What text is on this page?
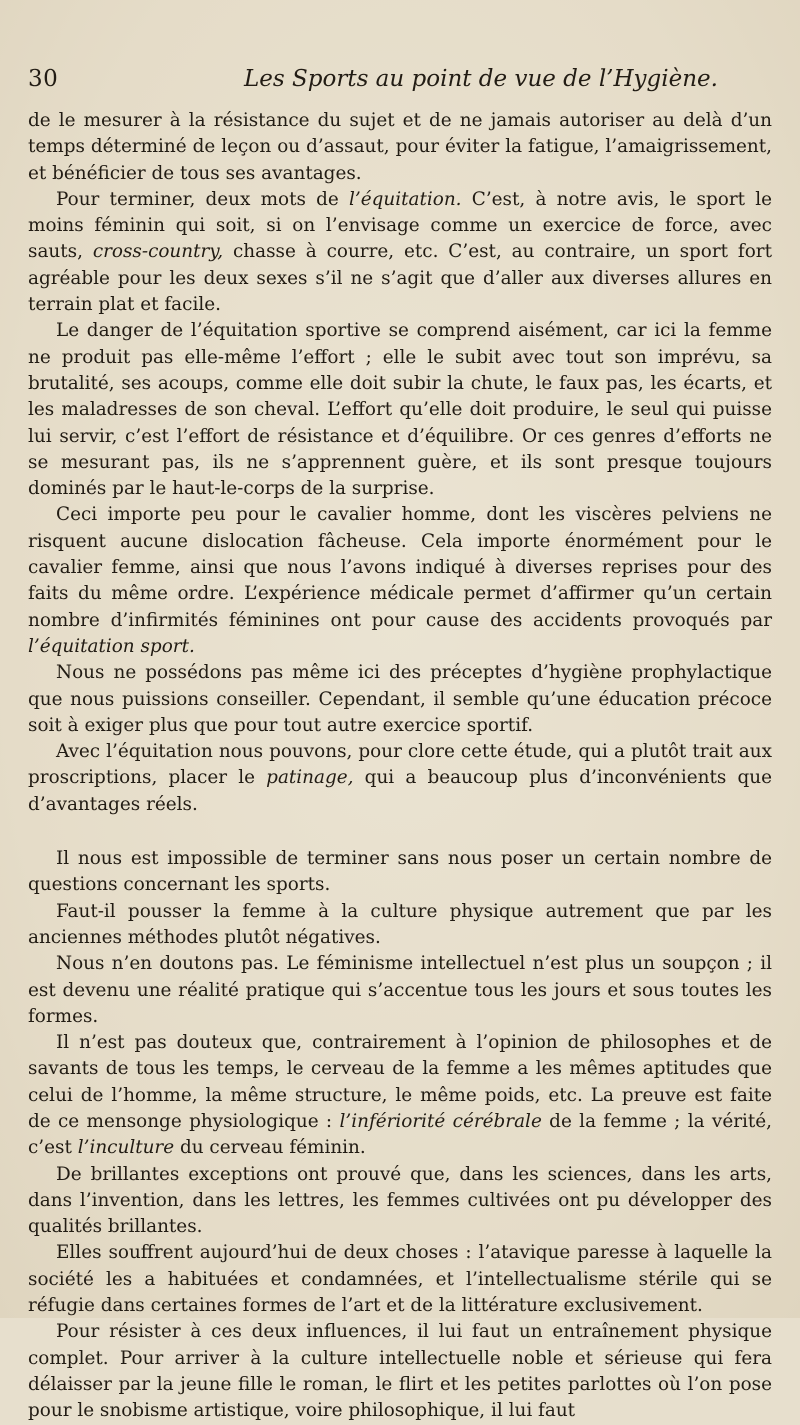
30	Les Sports au point de vue de l’Hygiène.

de le mesurer à la résistance du sujet et de ne jamais autoriser au delà d’un temps déterminé de leçon ou d’assaut, pour éviter la fatigue, l’amaigrissement, et bénéficier de tous ses avantages.

Pour terminer, deux mots de l’équitation. C’est, à notre avis, le sport le moins féminin qui soit, si on l’envisage comme un exercice de force, avec sauts, cross-country, chasse à courre, etc. C’est, au contraire, un sport fort agréable pour les deux sexes s’il ne s’agit que d’aller aux diverses allures en terrain plat et facile.

Le danger de l’équitation sportive se comprend aisément, car ici la femme ne produit pas elle-même l’effort ; elle le subit avec tout son imprévu, sa brutalité, ses acoups, comme elle doit subir la chute, le faux pas, les écarts, et les maladresses de son cheval. L’effort qu’elle doit produire, le seul qui puisse lui servir, c’est l’effort de résistance et d’équilibre. Or ces genres d’efforts ne se mesurant pas, ils ne s’apprennent guère, et ils sont presque toujours dominés par le haut-le-corps de la surprise.

Ceci importe peu pour le cavalier homme, dont les viscères pelviens ne risquent aucune dislocation fâcheuse. Cela importe énormément pour le cavalier femme, ainsi que nous l’avons indiqué à diverses reprises pour des faits du même ordre. L’expérience médicale permet d’affirmer qu’un certain nombre d’infirmités féminines ont pour cause des accidents provoqués par l’équitation sport.

Nous ne possédons pas même ici des préceptes d’hygiène prophylactique que nous puissions conseiller. Cependant, il semble qu’une éducation précoce soit à exiger plus que pour tout autre exercice sportif.

Avec l’équitation nous pouvons, pour clore cette étude, qui a plutôt trait aux proscriptions, placer le patinage, qui a beaucoup plus d’inconvénients que d’avantages réels.

Il nous est impossible de terminer sans nous poser un certain nombre de questions concernant les sports.

Faut-il pousser la femme à la culture physique autrement que par les anciennes méthodes plutôt négatives.

Nous n’en doutons pas. Le féminisme intellectuel n’est plus un soupçon ; il est devenu une réalité pratique qui s’accentue tous les jours et sous toutes les formes.

Il n’est pas douteux que, contrairement à l’opinion de philosophes et de savants de tous les temps, le cerveau de la femme a les mêmes aptitudes que celui de l’homme, la même structure, le même poids, etc. La preuve est faite de ce mensonge physiologique : l’infériorité cérébrale de la femme ; la vérité, c’est l’inculture du cerveau féminin.

De brillantes exceptions ont prouvé que, dans les sciences, dans les arts, dans l’invention, dans les lettres, les femmes cultivées ont pu développer des qualités brillantes.

Elles souffrent aujourd’hui de deux choses : l’atavique paresse à laquelle la société les a habituées et condamnées, et l’intellectualisme stérile qui se réfugie dans certaines formes de l’art et de la littérature exclusivement.

Pour résister à ces deux influences, il lui faut un entraînement physique complet. Pour arriver à la culture intellectuelle noble et sérieuse qui fera délaisser par la jeune fille le roman, le flirt et les petites parlottes où l’on pose pour le snobisme artistique, voire philosophique, il lui faut
